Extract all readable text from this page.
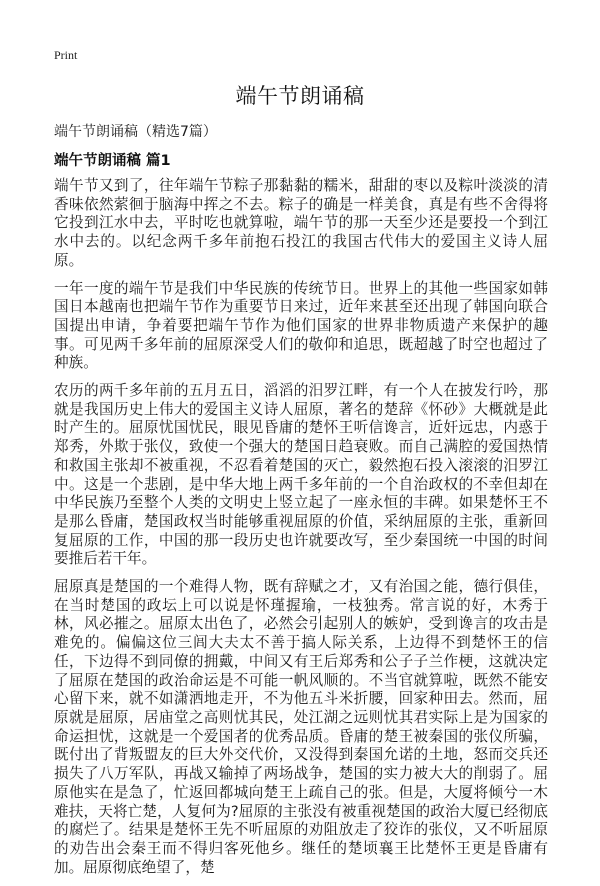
Print
端午节朗诵稿
端午节朗诵稿（精选7篇）
端午节朗诵稿 篇1

端午节又到了，往年端午节粽子那黏黏的糯米，甜甜的枣以及粽叶淡淡的清香味依然萦徊于脑海中挥之不去。粽子的确是一样美食，真是有些不舍得将它投到江水中去，平时吃也就算啦，端午节的那一天至少还是要投一个到江水中去的。以纪念两千多年前抱石投江的我国古代伟大的爱国主义诗人屈原。

一年一度的端午节是我们中华民族的传统节日。世界上的其他一些国家如韩国日本越南也把端午节作为重要节日来过，近年来甚至还出现了韩国向联合国提出申请，争着要把端午节作为他们国家的世界非物质遗产来保护的趣事。可见两千多年前的屈原深受人们的敬仰和追思，既超越了时空也超过了种族。

农历的两千多年前的五月五日，滔滔的汨罗江畔，有一个人在披发行吟，那就是我国历史上伟大的爱国主义诗人屈原，著名的楚辞《怀砂》大概就是此时产生的。屈原忧国忧民，眼见昏庸的楚怀王听信谗言，近奸远忠，内惑于郑秀，外欺于张仪，致使一个强大的楚国日趋衰败。而自己满腔的爱国热情和救国主张却不被重视，不忍看着楚国的灭亡，毅然抱石投入滚滚的汨罗江中。这是一个悲剧，是中华大地上两千多年前的一个自治政权的不幸但却在中华民族乃至整个人类的文明史上竖立起了一座永恒的丰碑。如果楚怀王不是那么昏庸，楚国政权当时能够重视屈原的价值，采纳屈原的主张，重新回复屈原的工作，中国的那一段历史也许就要改写，至少秦国统一中国的时间要推后若干年。

屈原真是楚国的一个难得人物，既有辞赋之才，又有治国之能，德行俱佳，在当时楚国的政坛上可以说是怀瑾握瑜，一枝独秀。常言说的好，木秀于林，风必摧之。屈原太出色了，必然会引起别人的嫉妒，受到谗言的攻击是难免的。偏偏这位三闾大夫太不善于搞人际关系，上边得不到楚怀王的信任，下边得不到同僚的拥戴，中间又有王后郑秀和公子子兰作梗，这就决定了屈原在楚国的政治命运是不可能一帆风顺的。不当官就算啦，既然不能安心留下来，就不如潇洒地走开，不为他五斗米折腰，回家种田去。然而，屈原就是屈原，居庙堂之高则忧其民，处江湖之远则忧其君实际上是为国家的命运担忧，这就是一个爱国者的优秀品质。昏庸的楚王被秦国的张仪所骗，既付出了背叛盟友的巨大外交代价，又没得到秦国允诺的土地，怒而交兵还损失了八万军队，再战又输掉了两场战争，楚国的实力被大大的削弱了。屈原他实在是急了，忙返回都城向楚王上疏自己的张。但是，大厦将倾兮一木难扶，天将亡楚，人复何为?屈原的主张没有被重视楚国的政治大厦已经彻底的腐烂了。结果是楚怀王先不听屈原的劝阻放走了狡诈的张仪，又不听屈原的劝告出会秦王而不得归客死他乡。继任的楚顷襄王比楚怀王更是昏庸有加。屈原彻底绝望了，楚
